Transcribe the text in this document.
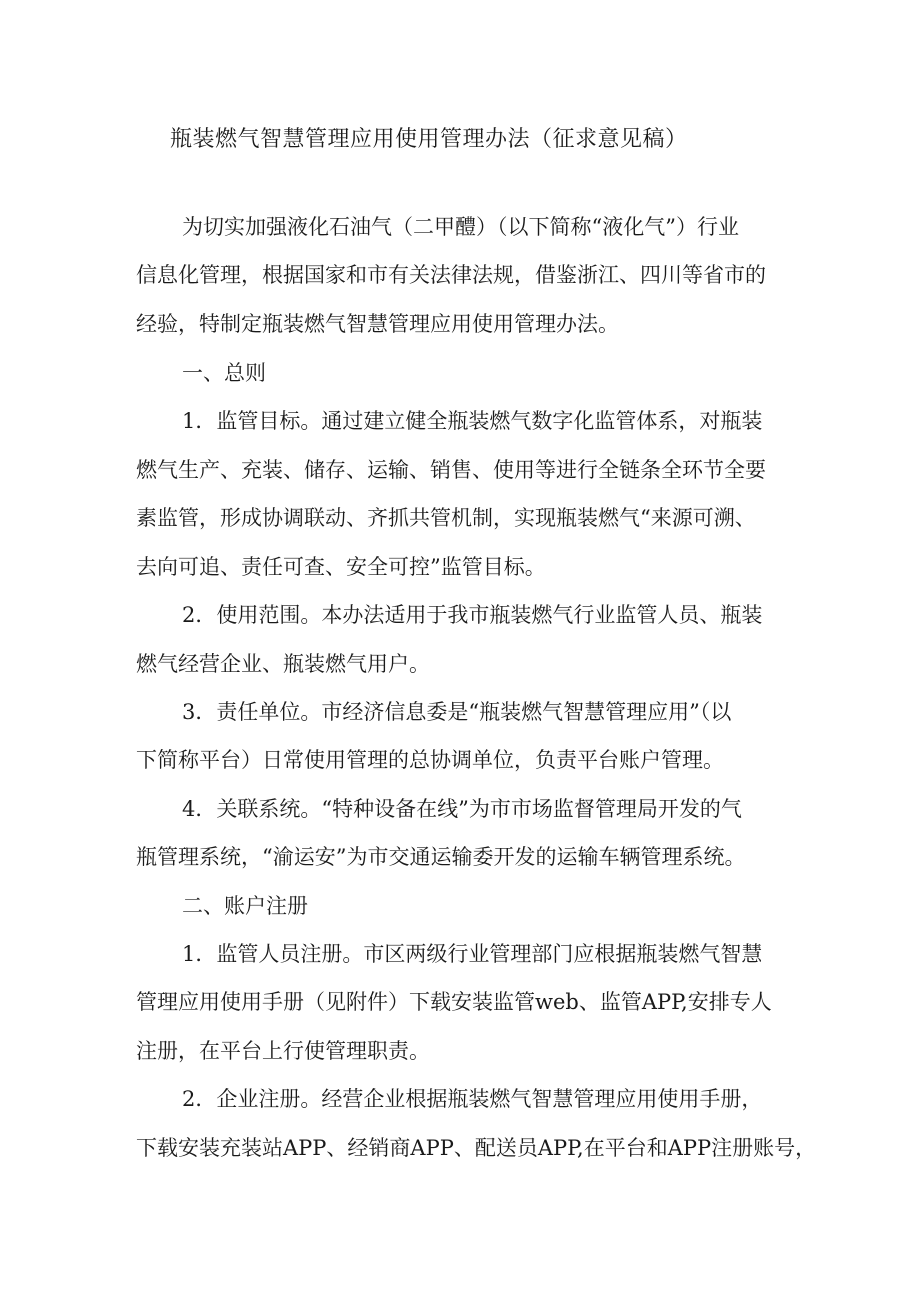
瓶装燃气智慧管理应用使用管理办法（征求意见稿）

为切实加强液化石油气（二甲醴）（以下简称“液化气”）行业

信息化管理，根据国家和市有关法律法规，借鉴浙江、四川等省市的

经验，特制定瓶装燃气智慧管理应用使用管理办法。

一、总则

1．监管目标。通过建立健全瓶装燃气数字化监管体系，对瓶装

燃气生产、充装、储存、运输、销售、使用等进行全链条全环节全要

素监管，形成协调联动、齐抓共管机制，实现瓶装燃气“来源可溯、

去向可追、责任可查、安全可控”监管目标。

2．使用范围。本办法适用于我市瓶装燃气行业监管人员、瓶装

燃气经营企业、瓶装燃气用户。

3．责任单位。市经济信息委是“瓶装燃气智慧管理应用”（以

下简称平台）日常使用管理的总协调单位，负责平台账户管理。

4．关联系统。“特种设备在线”为市市场监督管理局开发的气

瓶管理系统，“渝运安”为市交通运输委开发的运输车辆管理系统。

二、账户注册

1．监管人员注册。市区两级行业管理部门应根据瓶装燃气智慧

管理应用使用手册（见附件）下载安装监管web、监管APP,安排专人

注册，在平台上行使管理职责。

2．企业注册。经营企业根据瓶装燃气智慧管理应用使用手册，

下载安装充装站APP、经销商APP、配送员APP,在平台和APP注册账号，
